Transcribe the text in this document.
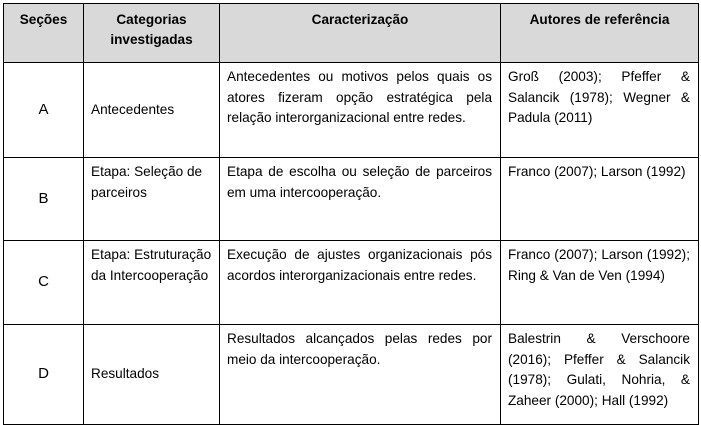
Seções	Categorias investigadas	Caracterização	Autores de referência
A	Antecedentes	Antecedentes ou motivos pelos quais os atores fizeram opção estratégica pela relação interorganizacional entre redes.	Groß (2003); Pfeffer & Salancik (1978); Wegner & Padula (2011)
B	Etapa: Seleção de parceiros	Etapa de escolha ou seleção de parceiros em uma intercooperação.	Franco (2007); Larson (1992)
C	Etapa: Estruturação da Intercooperação	Execução de ajustes organizacionais pós acordos interorganizacionais entre redes.	Franco (2007); Larson (1992); Ring & Van de Ven (1994)
D	Resultados	Resultados alcançados pelas redes por meio da intercooperação.	Balestrin & Verschoore (2016); Pfeffer & Salancik (1978); Gulati, Nohria, & Zaheer (2000); Hall (1992)
